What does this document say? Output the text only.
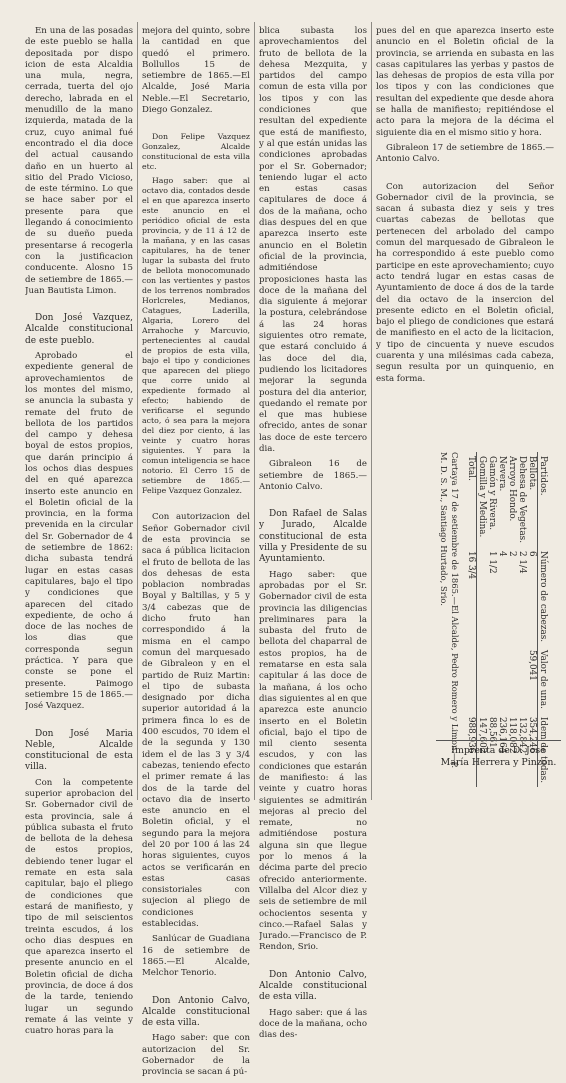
En una de las posadas de este pueblo se halla depositada por dispo icion de esta Alcaldia una mula, negra, cerrada, tuerta del ojo derecho, labrada en el menudillo de la mano izquierda, matada de la cruz, cuyo animal fué encontrado el dia doce del actual causando daño en un huerto al sitio del Prado Vicioso, de este término. Lo que se hace saber por el presente para que llegando á conocimiento de su dueño pueda presentarse á recogerla con la justificacion conducente. Alosno 15 de setiembre de 1865.— Juan Bautista Limon.

Don José Vazquez, Alcalde constitucional de este pueblo.

Aprobado el expediente general de aprovechamientos de los montes del mismo, se anuncia la subasta y remate del fruto de bellota de los partidos del campo y dehesa boyal de estos propios, que darán principio á los ochos dias despues del en qué aparezca inserto este anuncio en el Boletin oficial de la provincia, en la forma prevenida en la circular del Sr. Gobernador de 4 de setiembre de 1862: dicha subasta tendrá lugar en estas casas capitulares, bajo el tipo y condiciones que aparecen del citado expediente, de ocho á doce de las noches de los dias que corresponda segun práctica. Y para que conste se pone el presente. Paimogo setiembre 15 de 1865.—José Vazquez.

Don José Maria Neble, Alcalde constitucional de esta villa.

Con la competente superior aprobacion del Sr. Gobernador civil de esta provincia, sale á pública subasta el fruto de bellota de la dehesa de estos propios, debiendo tener lugar el remate en esta sala capitular, bajo el pliego de condiciones que estará de manifiesto, y tipo de mil seiscientos treinta escudos, á los ocho dias despues en que aparezca inserto el presente anuncio en el Boletin oficial de dicha provincia, de doce á dos de la tarde, teniendo lugar un segundo remate á las veinte y cuatro horas para la

mejora del quinto, sobre la cantidad en que quedó el primero. Bollullos 15 de setiembre de 1865.—El Alcalde, José Maria Neble.—El Secretario, Diego Gonzalez.

Don Felipe Vazquez Gonzalez, Alcalde constitucional de esta villa etc.

Hago saber: que al octavo dia, contados desde el en que aparezca inserto este anuncio en el periódico oficial de esta provincia, y de 11 á 12 de la mañana, y en las casas capitulares, ha de tener lugar la subasta del fruto de bellota monocomunado con las vertientes y pastos de los terrenos nombrados Horlcreles, Medianos, Catagues, Laderilla, Algaria, Lorero del Arrahoche y Marcuvio, pertenecientes al caudal de propios de esta villa, bajo el tipo y condiciones que aparecen del pliego que corre unido al expediente formado al efecto; habiendo de verificarse el segundo acto, ó sea para la mejora del diez por ciento, á las veinte y cuatro horas siguientes. Y para la comun inteligencia se hace notorio. El Cerro 15 de setiembre de 1865.—Felipe Vazquez Gonzalez.

Con autorizacion del Señor Gobernador civil de esta provincia se saca á pública licitacion el fruto de bellota de las dos dehesas de esta poblacion nombradas Boyal y Baltillas, y 5 y 3/4 cabezas que de dicho fruto han correspondido á la misma en el campo comun del marquesado de Gibraleon y en el partido de Ruiz Martin: el tipo de subasta designado por dicha superior autoridad á la primera finca lo es de 400 escudos, 70 idem el de la segunda y 130 idem el de las 3 y 3/4 cabezas, teniendo efecto el primer remate á las dos de la tarde del octavo dia de inserto este anuncio en el Boletin oficial, y el segundo para la mejora del 20 por 100 á las 24 horas siguientes, cuyos actos se verificarán en estas casas consistoriales con sujecion al pliego de condiciones establecidas.

Sanlúcar de Guadiana 16 de setiembre de 1865.—El Alcalde, Melchor Tenorio.

Don Antonio Calvo, Alcalde constitucional de esta villa.

Hago saber: que con autorizacion del Sr. Gobernador de la provincia se sacan á pú-

blica subasta los aprovechamientos del fruto de bellota de la dehesa Mezquita, y partidos del campo comun de esta villa por los tipos y con las condiciones que resultan del expediente que está de manifiesto, y al que están unidas las condiciones aprobadas por el Sr. Gobernador; teniendo lugar el acto en estas casas capitulares de doce á dos de la mañana, ocho dias despues del en que aparezca inserto este anuncio en el Boletin oficial de la provincia, admitiéndose proposiciones hasta las doce de la mañana del dia siguiente á mejorar la postura, celebrándose á las 24 horas siguientes otro remate, que estará concluido á las doce del dia, pudiendo los licitadores mejorar la segunda postura del dia anterior, quedando el remate por el que mas hubiese ofrecido, antes de sonar las doce de este tercero dia.

Gibraleon 16 de setiembre de 1865.—Antonio Calvo.

Don Rafael de Salas y Jurado, Alcalde constitucional de esta villa y Presidente de su Ayuntamiento.

Hago saber: que aprobadas por el Sr. Gobernador civil de esta provincia las diligencias preliminares para la subasta del fruto de bellota del chaparral de estos propios, ha de rematarse en esta sala capitular á las doce de la mañana, á los ocho dias siguientes al en que aparezca este anuncio inserto en el Boletin oficial, bajo el tipo de mil ciento sesenta escudos, y con las condiciones que estarán de manifiesto: á las veinte y cuatro horas siguientes se admitirán mejoras al precio del remate, no admitiéndose postura alguna sin que llegue por lo menos á la décima parte del precio ofrecido anteriormente. Villalba del Alcor diez y seis de setiembre de mil ochocientos sesenta y cinco.—Rafael Salas y Jurado.—Francisco de P. Rendon, Srio.

Don Antonio Calvo, Alcalde constitucional de esta villa.

Hago saber: que á las doce de la mañana, ocho dias des-

pues del en que aparezca inserto este anuncio en el Boletin oficial de la provincia, se arrienda en subasta en las casas capitulares las yerbas y pastos de las dehesas de propios de esta villa por los tipos y con las condiciones que resultan del expediente que desde ahora se halla de manifiesto; repitiéndose el acto para la mejora de la décima el siguiente dia en el mismo sitio y hora.

Gibraleon 17 de setiembre de 1865.—Antonio Calvo.

Con autorizacion del Señor Gobernador civil de la provincia, se sacan á subasta diez y seis y tres cuartas cabezas de bellotas que pertenecen del arbolado del campo comun del marquesado de Gibraleon le ha correspondido á este pueblo como participe en este aprovechamiento; cuyo acto tendrá lugar en estas casas de Ayuntamiento de doce á dos de la tarde del dia octavo de la insercion del presente edicto en el Boletin oficial, bajo el pliego de condiciones que estará de manifiesto en el acto de la licitacion, y tipo de cincuenta y nueve escudos cuarenta y una milésimas cada cabeza, segun resulta por un quinquenio, en esta forma.

Partidos.	Número de cabezas.	Valor de una.	Idem de todas.
Bellota.	6	59,041	354,246
Dehesa de Vegetas.	2 1/4		132,842
Arroyo Hondo.	2		118,082
Nevera.	4		236,164
Gamón y Rivera.	1 1/2		88,561
Gomilla y Medina.			147,602
Total.	16 3/4		988,936
Cartaya 17 de setiembre de 1865.—El Alcalde, Pedro Romero y Limon.—P. M. D. S. M., Santiago Hurtado, Srio.
Imprenta de D. José María Herrera y Pinzon.
